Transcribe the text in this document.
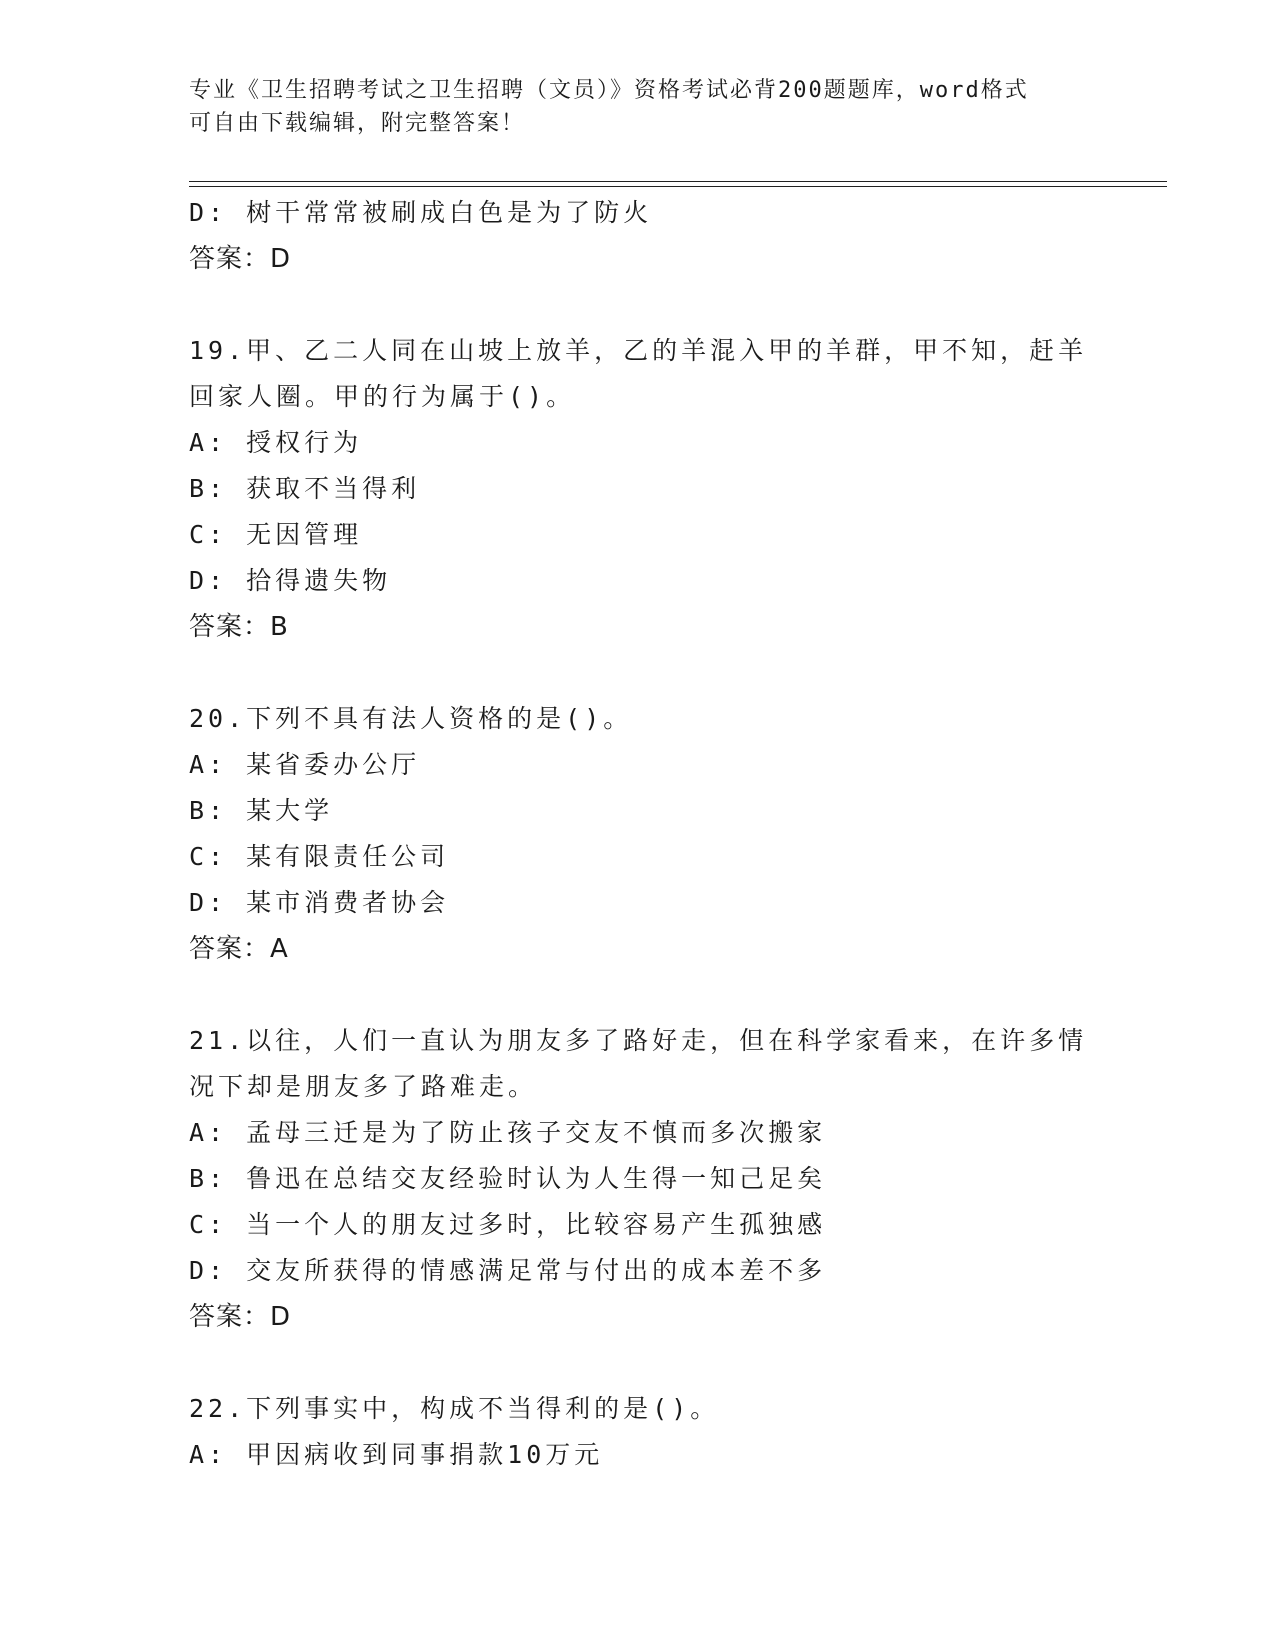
专业《卫生招聘考试之卫生招聘（文员）》资格考试必背200题题库，word格式
可自由下载编辑，附完整答案！
D: 树干常常被刷成白色是为了防火
答案：D
19.甲、乙二人同在山坡上放羊，乙的羊混入甲的羊群，甲不知，赶羊
回家人圈。甲的行为属于()。
A: 授权行为
B: 获取不当得利
C: 无因管理
D: 拾得遗失物
答案：B
20.下列不具有法人资格的是()。
A: 某省委办公厅
B: 某大学
C: 某有限责任公司
D: 某市消费者协会
答案：A
21.以往，人们一直认为朋友多了路好走，但在科学家看来，在许多情
况下却是朋友多了路难走。
A: 孟母三迁是为了防止孩子交友不慎而多次搬家
B: 鲁迅在总结交友经验时认为人生得一知己足矣
C: 当一个人的朋友过多时，比较容易产生孤独感
D: 交友所获得的情感满足常与付出的成本差不多
答案：D
22.下列事实中，构成不当得利的是()。
A: 甲因病收到同事捐款10万元
